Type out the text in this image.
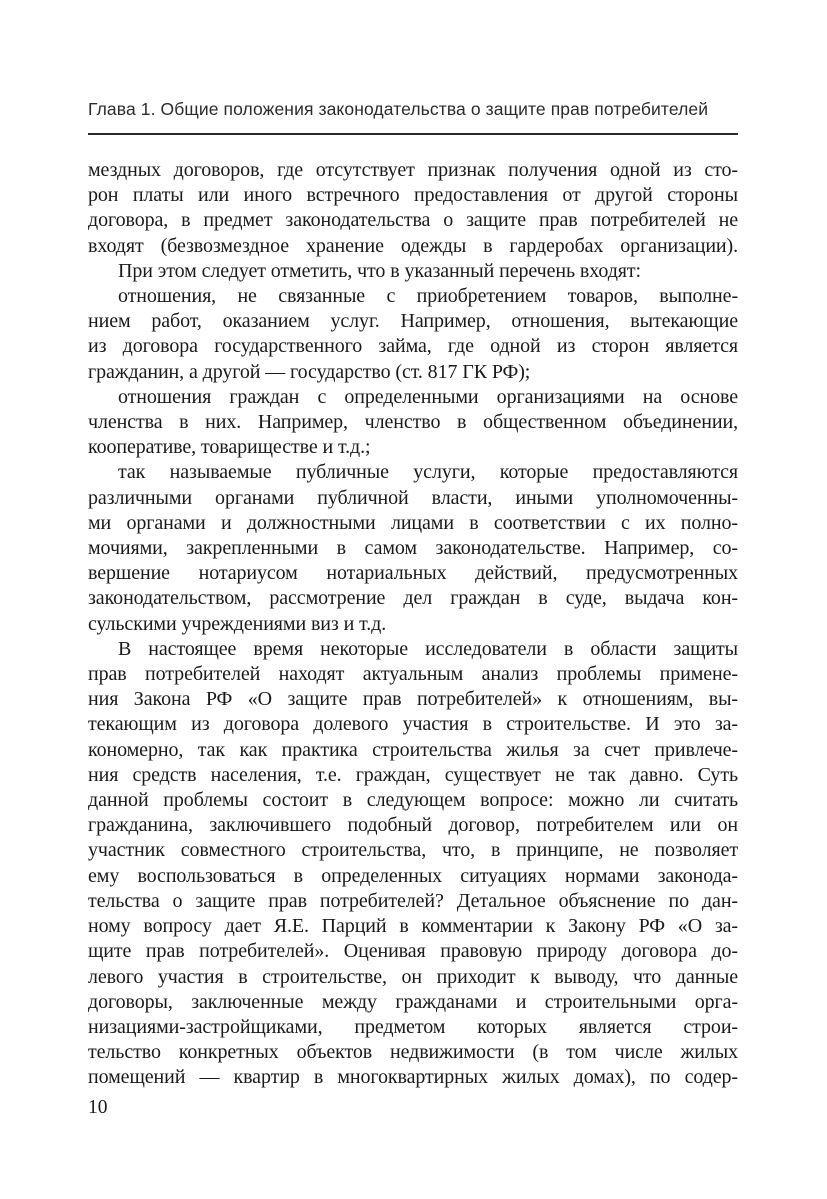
Глава 1. Общие положения законодательства о защите прав потребителей
мездных договоров, где отсутствует признак получения одной из сто-
рон платы или иного встречного предоставления от другой стороны
договора, в предмет законодательства о защите прав потребителей не
входят (безвозмездное хранение одежды в гардеробах организации).
При этом следует отметить, что в указанный перечень входят:
отношения, не связанные с приобретением товаров, выполне-
нием работ, оказанием услуг. Например, отношения, вытекающие
из договора государственного займа, где одной из сторон является
гражданин, а другой — государство (ст. 817 ГК РФ);
отношения граждан с определенными организациями на основе
членства в них. Например, членство в общественном объединении,
кооперативе, товариществе и т.д.;
так называемые публичные услуги, которые предоставляются
различными органами публичной власти, иными уполномоченны-
ми органами и должностными лицами в соответствии с их полно-
мочиями, закрепленными в самом законодательстве. Например, со-
вершение нотариусом нотариальных действий, предусмотренных
законодательством, рассмотрение дел граждан в суде, выдача кон-
сульскими учреждениями виз и т.д.
В настоящее время некоторые исследователи в области защиты
прав потребителей находят актуальным анализ проблемы примене-
ния Закона РФ «О защите прав потребителей» к отношениям, вы-
текающим из договора долевого участия в строительстве. И это за-
кономерно, так как практика строительства жилья за счет привлече-
ния средств населения, т.е. граждан, существует не так давно. Суть
данной проблемы состоит в следующем вопросе: можно ли считать
гражданина, заключившего подобный договор, потребителем или он
участник совместного строительства, что, в принципе, не позволяет
ему воспользоваться в определенных ситуациях нормами законода-
тельства о защите прав потребителей? Детальное объяснение по дан-
ному вопросу дает Я.Е. Парций в комментарии к Закону РФ «О за-
щите прав потребителей». Оценивая правовую природу договора до-
левого участия в строительстве, он приходит к выводу, что данные
договоры, заключенные между гражданами и строительными орга-
низациями-застройщиками, предметом которых является строи-
тельство конкретных объектов недвижимости (в том числе жилых
помещений — квартир в многоквартирных жилых домах), по содер-
10
